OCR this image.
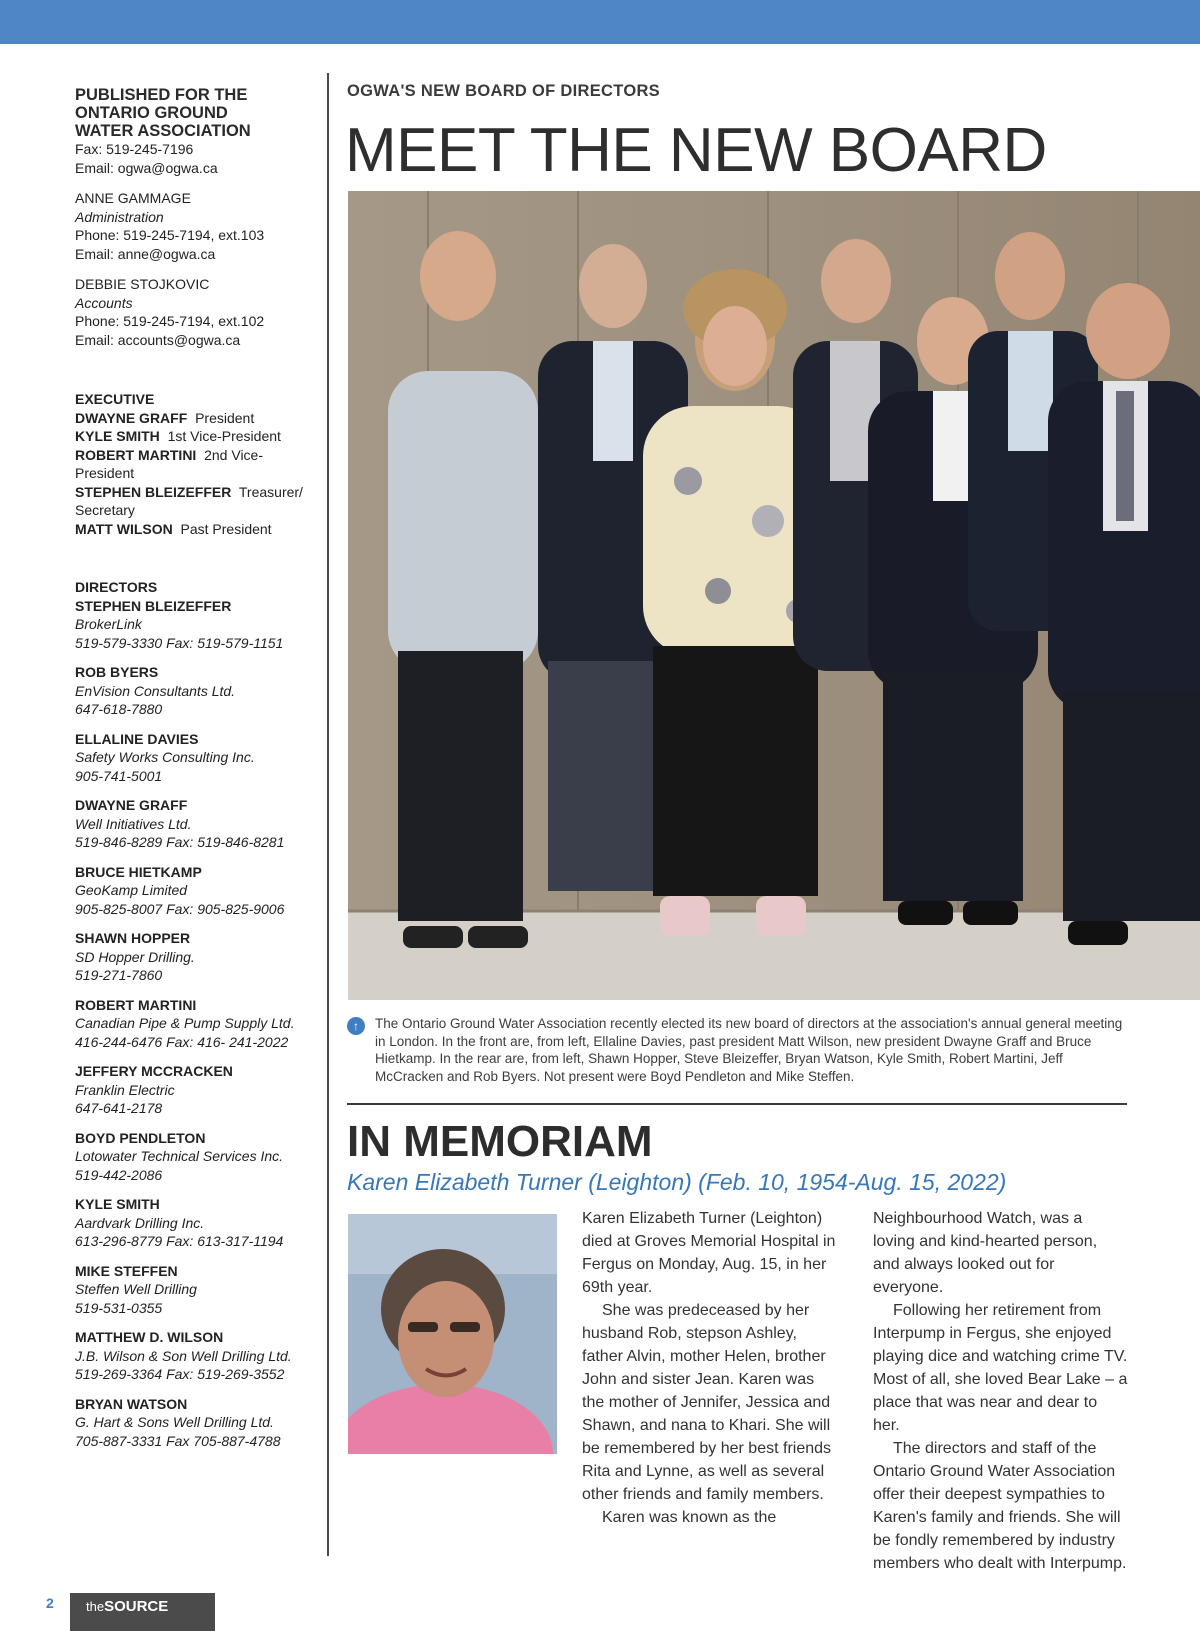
PUBLISHED FOR THE ONTARIO GROUND WATER ASSOCIATION
Fax: 519-245-7196
Email: ogwa@ogwa.ca
ANNE GAMMAGE
Administration
Phone: 519-245-7194, ext.103
Email: anne@ogwa.ca
DEBBIE STOJKOVIC
Accounts
Phone: 519-245-7194, ext.102
Email: accounts@ogwa.ca
EXECUTIVE
DWAYNE GRAFF President
KYLE SMITH 1st Vice-President
ROBERT MARTINI 2nd Vice-President
STEPHEN BLEIZEFFER Treasurer/ Secretary
MATT WILSON Past President
DIRECTORS
STEPHEN BLEIZEFFER
BrokerLink
519-579-3330 Fax: 519-579-1151
ROB BYERS
EnVision Consultants Ltd.
647-618-7880
ELLALINE DAVIES
Safety Works Consulting Inc.
905-741-5001
DWAYNE GRAFF
Well Initiatives Ltd.
519-846-8289 Fax: 519-846-8281
BRUCE HIETKAMP
GeoKamp Limited
905-825-8007 Fax: 905-825-9006
SHAWN HOPPER
SD Hopper Drilling.
519-271-7860
ROBERT MARTINI
Canadian Pipe & Pump Supply Ltd.
416-244-6476 Fax: 416- 241-2022
JEFFERY MCCRACKEN
Franklin Electric
647-641-2178
BOYD PENDLETON
Lotowater Technical Services Inc.
519-442-2086
KYLE SMITH
Aardvark Drilling Inc.
613-296-8779 Fax: 613-317-1194
MIKE STEFFEN
Steffen Well Drilling
519-531-0355
MATTHEW D. WILSON
J.B. Wilson & Son Well Drilling Ltd.
519-269-3364 Fax: 519-269-3552
BRYAN WATSON
G. Hart & Sons Well Drilling Ltd.
705-887-3331 Fax 705-887-4788
OGWA'S NEW BOARD OF DIRECTORS
MEET THE NEW BOARD
↑	The Ontario Ground Water Association recently elected its new board of directors at the association's annual general meeting in London. In the front are, from left, Ellaline Davies, past president Matt Wilson, new president Dwayne Graff and Bruce Hietkamp. In the rear are, from left, Shawn Hopper, Steve Bleizeffer, Bryan Watson, Kyle Smith, Robert Martini, Jeff McCracken and Rob Byers. Not present were Boyd Pendleton and Mike Steffen.
IN MEMORIAM
Karen Elizabeth Turner (Leighton) (Feb. 10, 1954-Aug. 15, 2022)

Karen Elizabeth Turner (Leighton) died at Groves Memorial Hospital in Fergus on Monday, Aug. 15, in her 69th year.

She was predeceased by her husband Rob, stepson Ashley, father Alvin, mother Helen, brother John and sister Jean. Karen was the mother of Jennifer, Jessica and Shawn, and nana to Khari. She will be remembered by her best friends Rita and Lynne, as well as several other friends and family members.

Karen was known as the

Neighbourhood Watch, was a loving and kind-hearted person, and always looked out for everyone.

Following her retirement from Interpump in Fergus, she enjoyed playing dice and watching crime TV. Most of all, she loved Bear Lake – a place that was near and dear to her.

The directors and staff of the Ontario Ground Water Association offer their deepest sympathies to Karen's family and friends. She will be fondly remembered by industry members who dealt with Interpump.

2	theSOURCE
